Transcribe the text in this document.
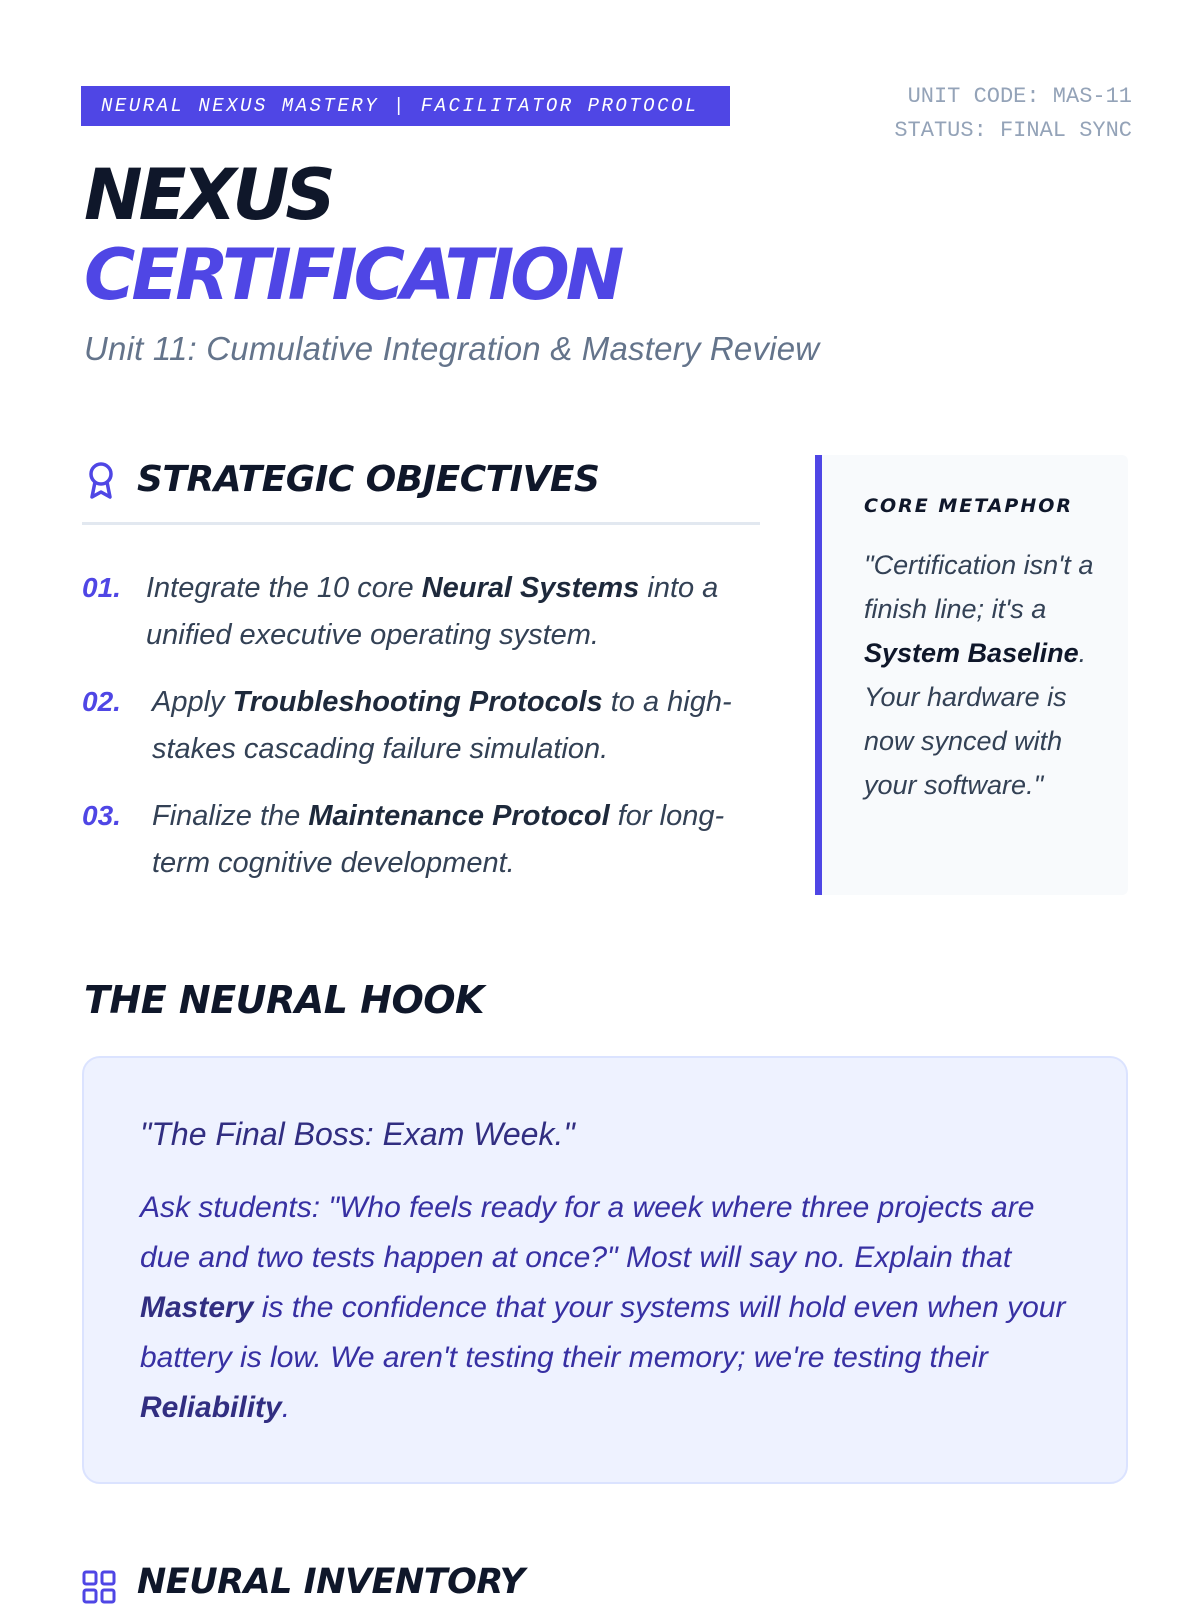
NEURAL NEXUS MASTERY | FACILITATOR PROTOCOL	UNIT CODE: MAS-11
STATUS: FINAL SYNC
NEXUS
CERTIFICATION
Unit 11: Cumulative Integration & Mastery Review
STRATEGIC OBJECTIVES
01. Integrate the 10 core Neural Systems into a unified executive operating system.
02. Apply Troubleshooting Protocols to a high-stakes cascading failure simulation.
03. Finalize the Maintenance Protocol for long-term cognitive development.
CORE METAPHOR
"Certification isn't a finish line; it's a System Baseline. Your hardware is now synced with your software."
THE NEURAL HOOK
"The Final Boss: Exam Week."
Ask students: "Who feels ready for a week where three projects are due and two tests happen at once?" Most will say no. Explain that Mastery is the confidence that your systems will hold even when your battery is low. We aren't testing their memory; we're testing their Reliability.
NEURAL INVENTORY
